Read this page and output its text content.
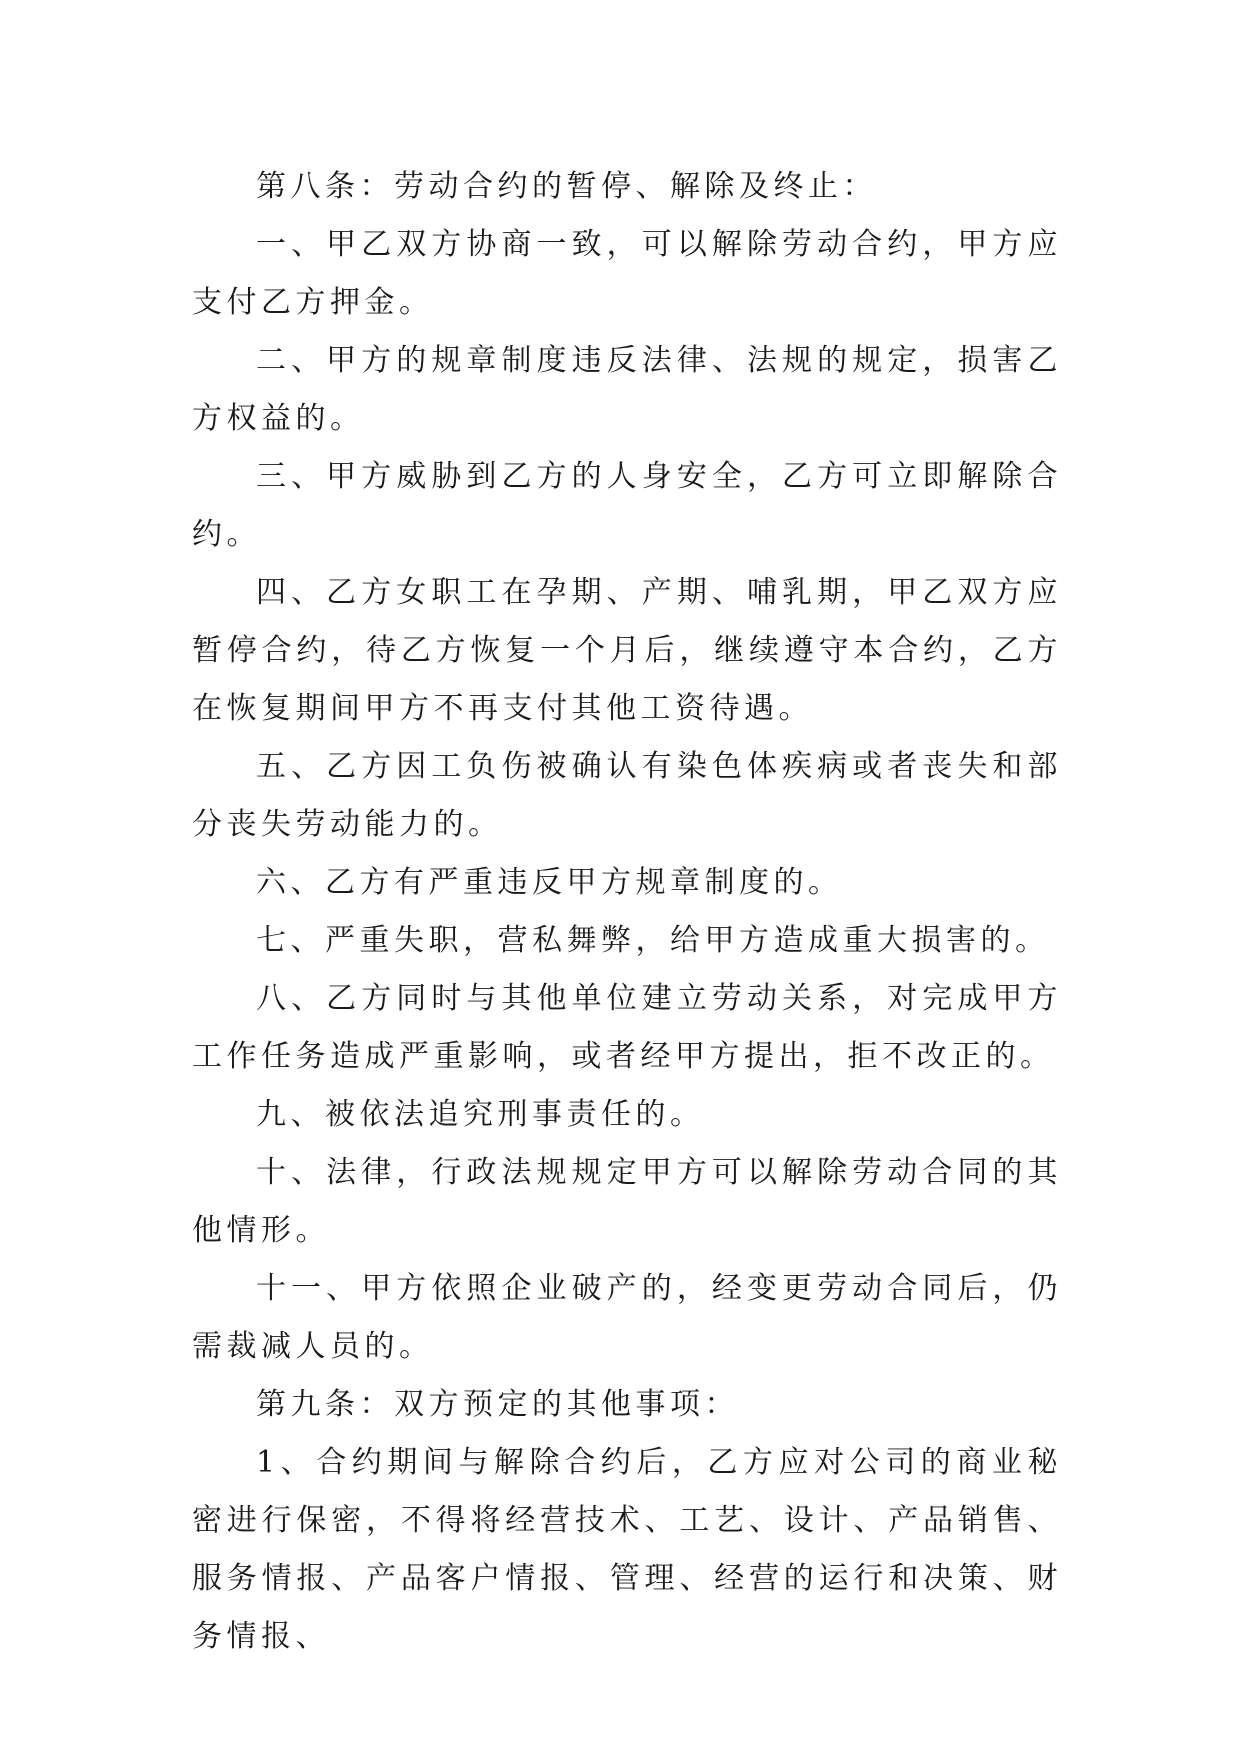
第八条：劳动合约的暂停、解除及终止：

一、甲乙双方协商一致，可以解除劳动合约，甲方应支付乙方押金。

二、甲方的规章制度违反法律、法规的规定，损害乙方权益的。

三、甲方威胁到乙方的人身安全，乙方可立即解除合约。

四、乙方女职工在孕期、产期、哺乳期，甲乙双方应暂停合约，待乙方恢复一个月后，继续遵守本合约，乙方在恢复期间甲方不再支付其他工资待遇。

五、乙方因工负伤被确认有染色体疾病或者丧失和部分丧失劳动能力的。

六、乙方有严重违反甲方规章制度的。

七、严重失职，营私舞弊，给甲方造成重大损害的。

八、乙方同时与其他单位建立劳动关系，对完成甲方工作任务造成严重影响，或者经甲方提出，拒不改正的。

九、被依法追究刑事责任的。

十、法律，行政法规规定甲方可以解除劳动合同的其他情形。

十一、甲方依照企业破产的，经变更劳动合同后，仍需裁减人员的。

第九条：双方预定的其他事项：

1、合约期间与解除合约后，乙方应对公司的商业秘密进行保密，不得将经营技术、工艺、设计、产品销售、服务情报、产品客户情报、管理、经营的运行和决策、财务情报、
